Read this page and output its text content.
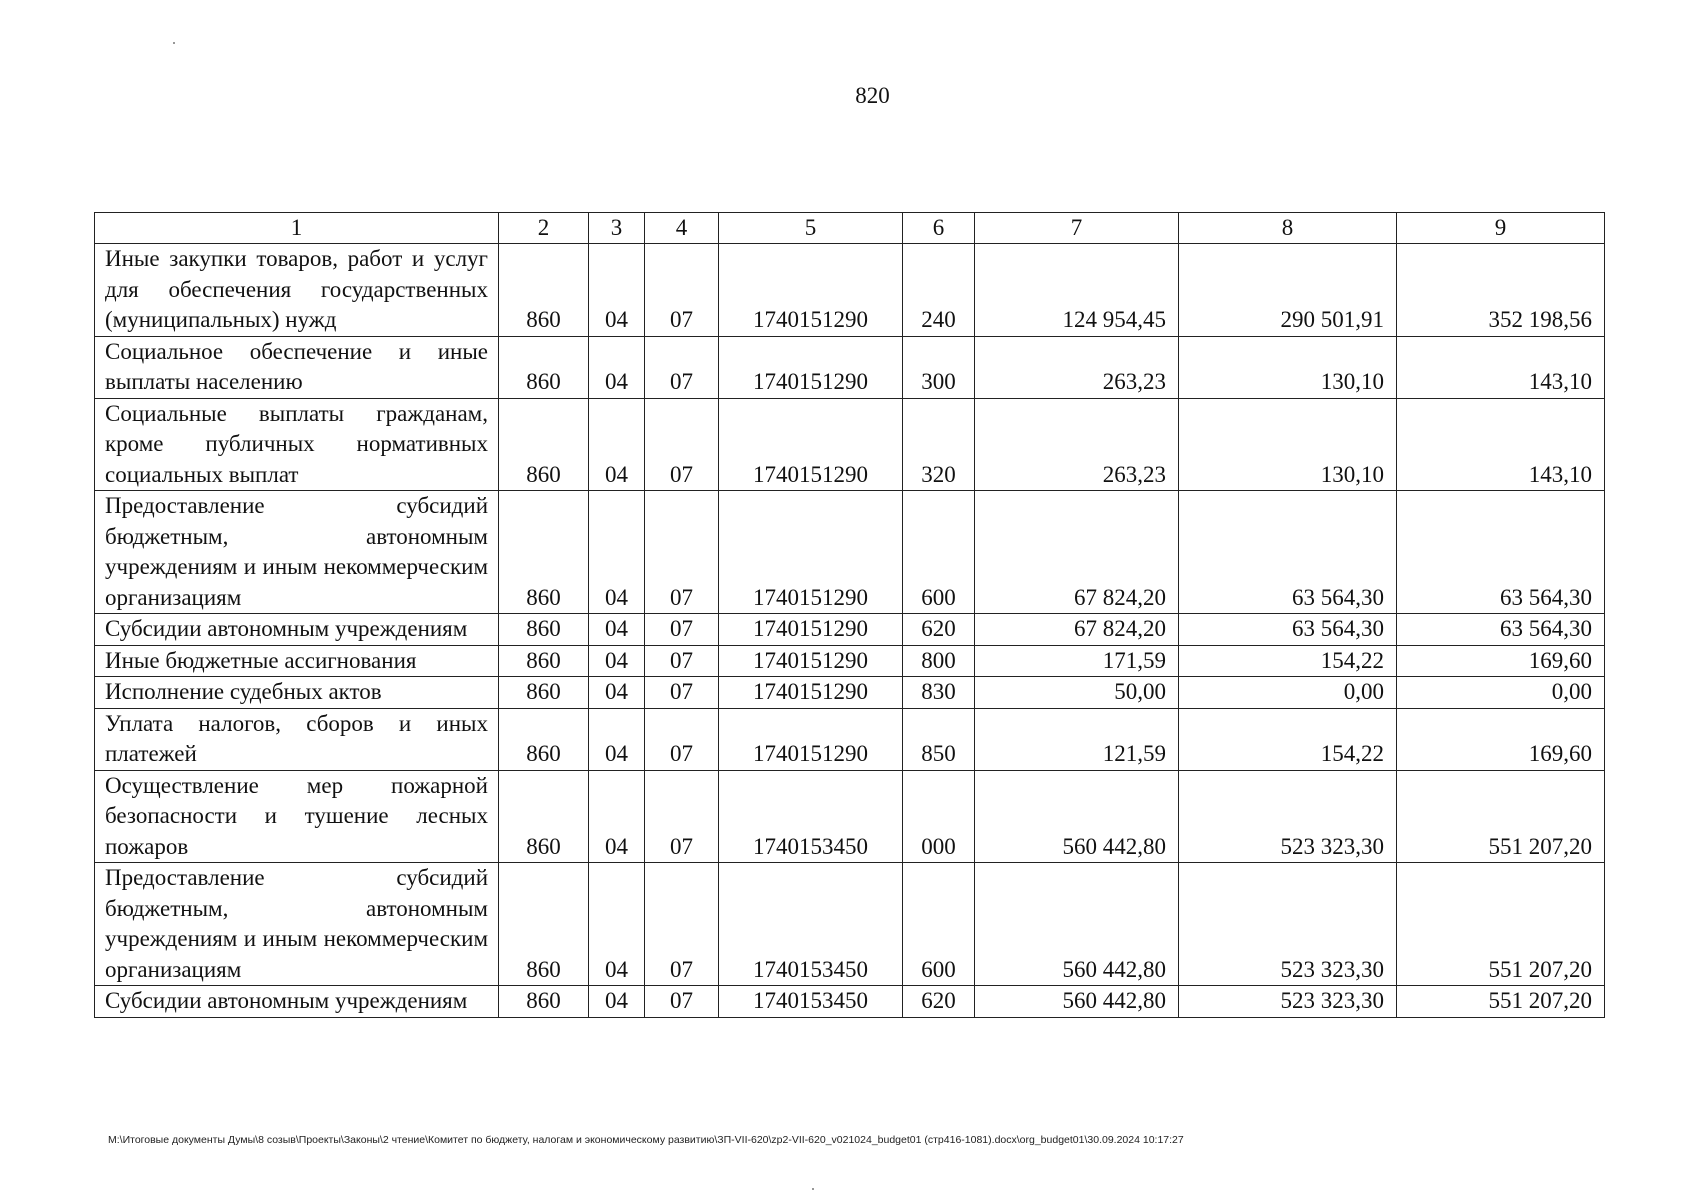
820
1	2	3	4	5	6	7	8	9
Иные закупки товаров, работ и услуг для обеспечения государственных (муниципальных) нужд	860	04	07	1740151290	240	124 954,45	290 501,91	352 198,56
Социальное обеспечение и иные выплаты населению	860	04	07	1740151290	300	263,23	130,10	143,10
Социальные выплаты гражданам, кроме публичных нормативных социальных выплат	860	04	07	1740151290	320	263,23	130,10	143,10
Предоставление субсидий бюджетным, автономным учреждениям и иным некоммерческим организациям	860	04	07	1740151290	600	67 824,20	63 564,30	63 564,30
Субсидии автономным учреждениям	860	04	07	1740151290	620	67 824,20	63 564,30	63 564,30
Иные бюджетные ассигнования	860	04	07	1740151290	800	171,59	154,22	169,60
Исполнение судебных актов	860	04	07	1740151290	830	50,00	0,00	0,00
Уплата налогов, сборов и иных платежей	860	04	07	1740151290	850	121,59	154,22	169,60
Осуществление мер пожарной безопасности и тушение лесных пожаров	860	04	07	1740153450	000	560 442,80	523 323,30	551 207,20
Предоставление субсидий бюджетным, автономным учреждениям и иным некоммерческим организациям	860	04	07	1740153450	600	560 442,80	523 323,30	551 207,20
Субсидии автономным учреждениям	860	04	07	1740153450	620	560 442,80	523 323,30	551 207,20
M:\Итоговые документы Думы\8 созыв\Проекты\Законы\2 чтение\Комитет по бюджету, налогам и экономическому развитию\ЗП-VII-620\zp2-VII-620_v021024_budget01 (стр416-1081).docx\org_budget01\30.09.2024 10:17:27
